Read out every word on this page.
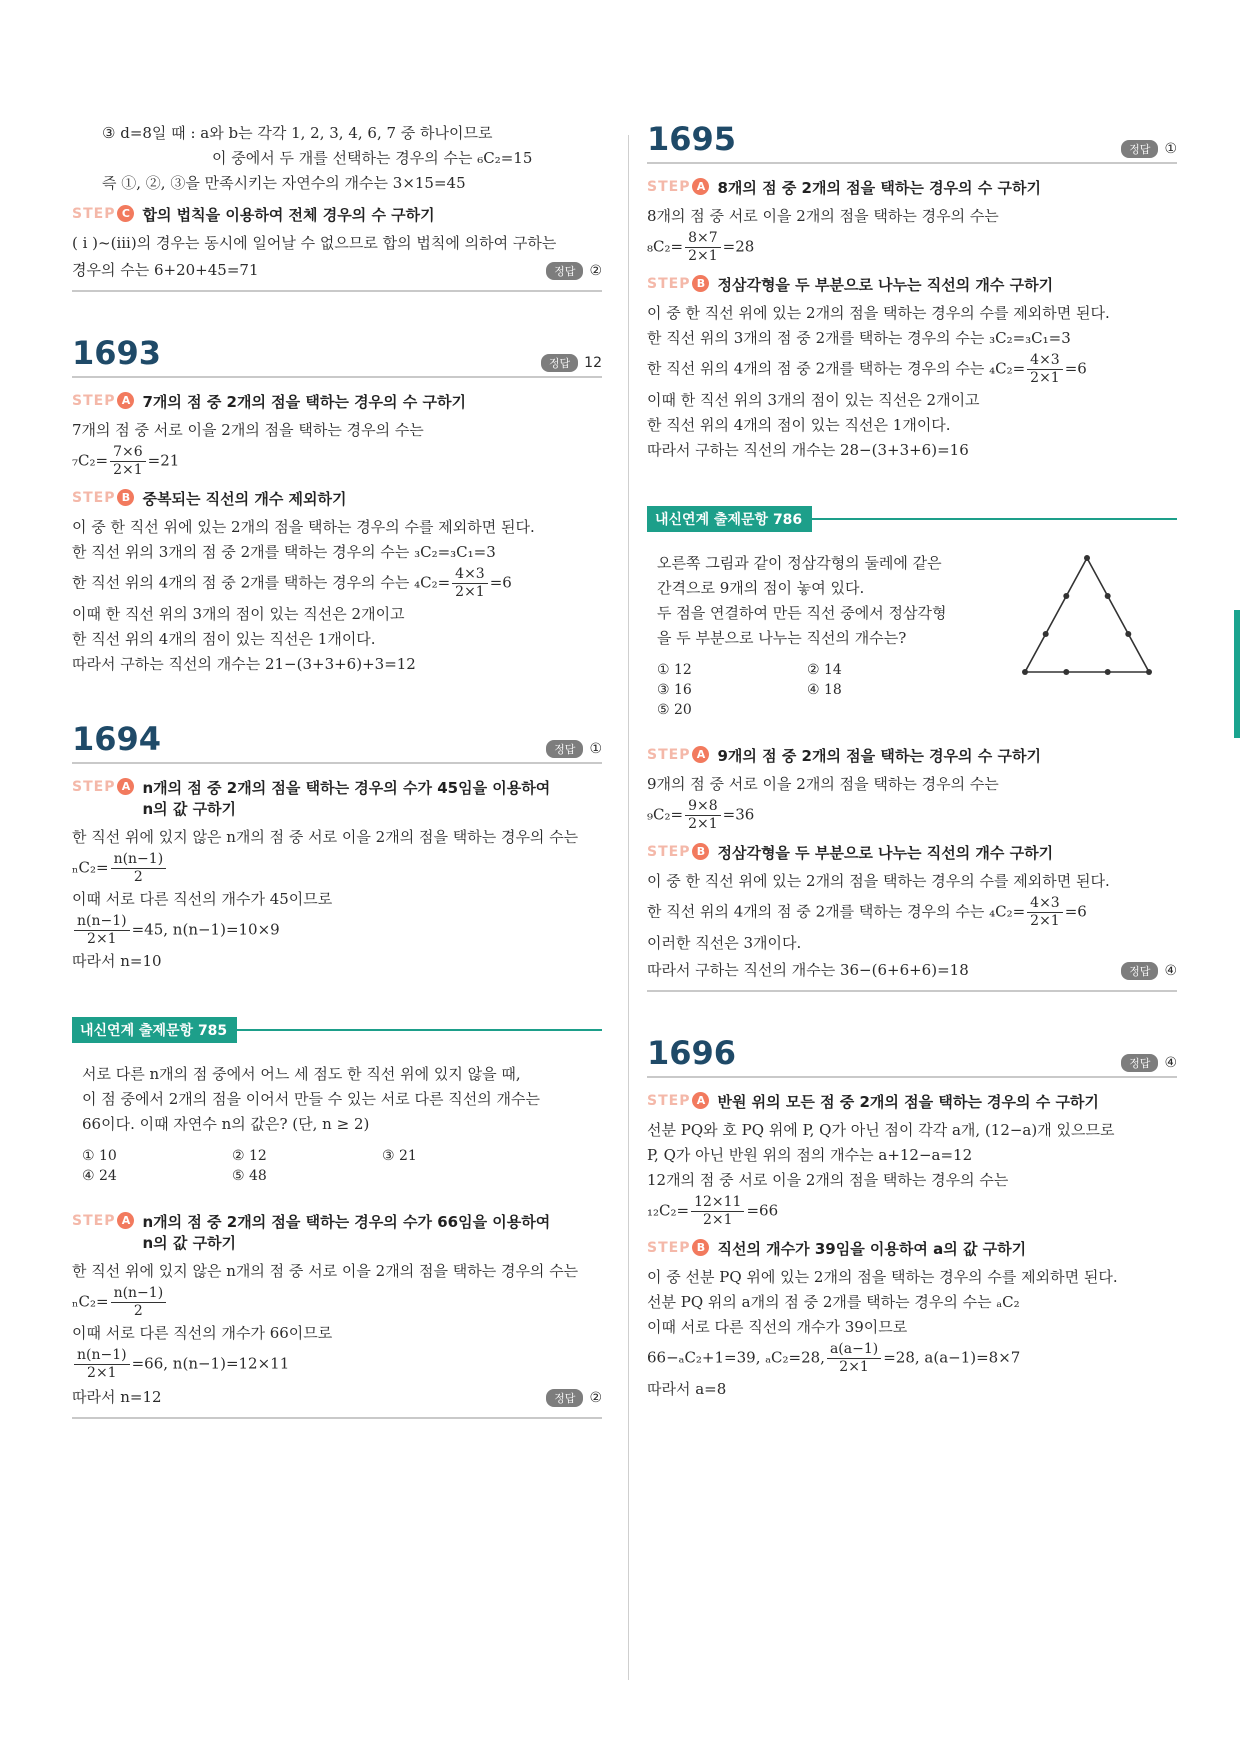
③ d=8일 때 : a와 b는 각각 1, 2, 3, 4, 6, 7 중 하나이므로
이 중에서 두 개를 선택하는 경우의 수는 ₆C₂=15
즉 ①, ②, ③을 만족시키는 자연수의 개수는 3×15=45
STEP C 합의 법칙을 이용하여 전체 경우의 수 구하기
( i )~(iii)의 경우는 동시에 일어날 수 없으므로 합의 법칙에 의하여 구하는
경우의 수는 6+20+45=71	정답	②
1693	정답	12
STEP A 7개의 점 중 2개의 점을 택하는 경우의 수 구하기
7개의 점 중 서로 이을 2개의 점을 택하는 경우의 수는
$_7C_2= \frac{7\times 6}{2\times 1} =21$
STEP B 중복되는 직선의 개수 제외하기
이 중 한 직선 위에 있는 2개의 점을 택하는 경우의 수를 제외하면 된다.
한 직선 위의 3개의 점 중 2개를 택하는 경우의 수는 ₃C₂=₃C₁=3
한 직선 위의 4개의 점 중 2개를 택하는 경우의 수는 $_4C_2= \frac{4\times 3}{2\times 1} =6$
이때 한 직선 위의 3개의 점이 있는 직선은 2개이고
한 직선 위의 4개의 점이 있는 직선은 1개이다.
따라서 구하는 직선의 개수는 21−(3+3+6)+3=12
1694	정답	①
STEP A n개의 점 중 2개의 점을 택하는 경우의 수가 45임을 이용하여
n의 값 구하기
한 직선 위에 있지 않은 n개의 점 중 서로 이을 2개의 점을 택하는 경우의 수는
$_nC_2= \frac{n(n-1)}{2}$
이때 서로 다른 직선의 개수가 45이므로
$\frac{n(n-1)}{2\times 1} =45$, n(n−1)=10×9
따라서 n=10
내신연계 출제문항 785
서로 다른 n개의 점 중에서 어느 세 점도 한 직선 위에 있지 않을 때,
이 점 중에서 2개의 점을 이어서 만들 수 있는 서로 다른 직선의 개수는
66이다. 이때 자연수 n의 값은? (단, n ≥ 2)
① 10	② 12	③ 21
④ 24	⑤ 48
STEP A n개의 점 중 2개의 점을 택하는 경우의 수가 66임을 이용하여
n의 값 구하기
한 직선 위에 있지 않은 n개의 점 중 서로 이을 2개의 점을 택하는 경우의 수는
$_nC_2= \frac{n(n-1)}{2}$
이때 서로 다른 직선의 개수가 66이므로
$\frac{n(n-1)}{2\times 1} =66$, n(n−1)=12×11
따라서 n=12	정답	②
1695	정답	①
STEP A 8개의 점 중 2개의 점을 택하는 경우의 수 구하기
8개의 점 중 서로 이을 2개의 점을 택하는 경우의 수는
$_8C_2= \frac{8\times 7}{2\times 1} =28$
STEP B 정삼각형을 두 부분으로 나누는 직선의 개수 구하기
이 중 한 직선 위에 있는 2개의 점을 택하는 경우의 수를 제외하면 된다.
한 직선 위의 3개의 점 중 2개를 택하는 경우의 수는 ₃C₂=₃C₁=3
한 직선 위의 4개의 점 중 2개를 택하는 경우의 수는 $_4C_2= \frac{4\times 3}{2\times 1} =6$
이때 한 직선 위의 3개의 점이 있는 직선은 2개이고
한 직선 위의 4개의 점이 있는 직선은 1개이다.
따라서 구하는 직선의 개수는 28−(3+3+6)=16
내신연계 출제문항 786
오른쪽 그림과 같이 정삼각형의 둘레에 같은
간격으로 9개의 점이 놓여 있다.
두 점을 연결하여 만든 직선 중에서 정삼각형
을 두 부분으로 나누는 직선의 개수는?
① 12	② 14
③ 16	④ 18
⑤ 20
STEP A 9개의 점 중 2개의 점을 택하는 경우의 수 구하기
9개의 점 중 서로 이을 2개의 점을 택하는 경우의 수는
$_9C_2= \frac{9\times 8}{2\times 1} =36$
STEP B 정삼각형을 두 부분으로 나누는 직선의 개수 구하기
이 중 한 직선 위에 있는 2개의 점을 택하는 경우의 수를 제외하면 된다.
한 직선 위의 4개의 점 중 2개를 택하는 경우의 수는 $_4C_2= \frac{4\times 3}{2\times 1} =6$
이러한 직선은 3개이다.
따라서 구하는 직선의 개수는 36−(6+6+6)=18	정답	④
1696	정답	④
STEP A 반원 위의 모든 점 중 2개의 점을 택하는 경우의 수 구하기
선분 PQ와 호 PQ 위에 P, Q가 아닌 점이 각각 a개, (12−a)개 있으므로
P, Q가 아닌 반원 위의 점의 개수는 a+12−a=12
12개의 점 중 서로 이을 2개의 점을 택하는 경우의 수는
$_{12}C_2= \frac{12\times 11}{2\times 1} =66$
STEP B 직선의 개수가 39임을 이용하여 a의 값 구하기
이 중 선분 PQ 위에 있는 2개의 점을 택하는 경우의 수를 제외하면 된다.
선분 PQ 위의 a개의 점 중 2개를 택하는 경우의 수는 ₐC₂
이때 서로 다른 직선의 개수가 39이므로
66−ₐC₂+1=39, ₐC₂=28, $\frac{a(a-1)}{2\times 1} =28$, a(a−1)=8×7
따라서 a=8
